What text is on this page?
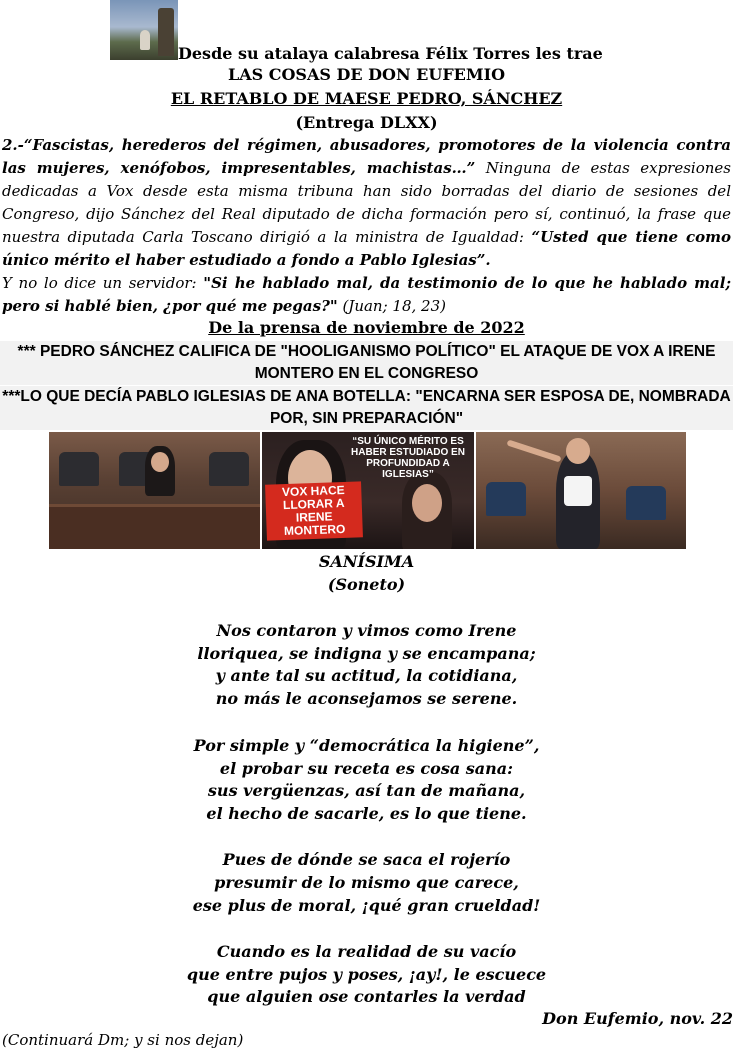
Desde su atalaya calabresa Félix Torres les trae
LAS COSAS DE DON EUFEMIO
EL RETABLO DE MAESE PEDRO, SÁNCHEZ
(Entrega DLXX)

2.-“Fascistas, herederos del régimen, abusadores, promotores de la violencia contra las mujeres, xenófobos, impresentables, machistas…” Ninguna de estas expresiones dedicadas a Vox desde esta misma tribuna han sido borradas del diario de sesiones del Congreso, dijo Sánchez del Real diputado de dicha formación pero sí, continuó, la frase que nuestra diputada Carla Toscano dirigió a la ministra de Igualdad: “Usted que tiene como único mérito el haber estudiado a fondo a Pablo Iglesias”.

Y no lo dice un servidor: "Si he hablado mal, da testimonio de lo que he hablado mal; pero si hablé bien, ¿por qué me pegas?" (Juan; 18, 23)

De la prensa de noviembre de 2022
*** PEDRO SÁNCHEZ CALIFICA DE "HOOLIGANISMO POLÍTICO" EL ATAQUE DE VOX A IRENE MONTERO EN EL CONGRESO
***LO QUE DECÍA PABLO IGLESIAS DE ANA BOTELLA: "ENCARNA SER ESPOSA DE, NOMBRADA POR, SIN PREPARACIÓN"
“SU ÚNICO MÉRITO ES HABER ESTUDIADO EN PROFUNDIDAD A IGLESIAS”
VOX HACE LLORAR A IRENE MONTERO
SANÍSIMA
(Soneto)
Nos contaron y vimos como Irene
lloriquea, se indigna y se encampana;
y ante tal su actitud, la cotidiana,
no más le aconsejamos se serene.
Por simple y “democrática la higiene”,
el probar su receta es cosa sana:
sus vergüenzas, así tan de mañana,
el hecho de sacarle, es lo que tiene.
Pues de dónde se saca el rojerío
presumir de lo mismo que carece,
ese plus de moral, ¡qué gran crueldad!
Cuando es la realidad de su vacío
que entre pujos y poses, ¡ay!, le escuece
que alguien ose contarles la verdad
Don Eufemio, nov. 22
(Continuará Dm; y si nos dejan)
